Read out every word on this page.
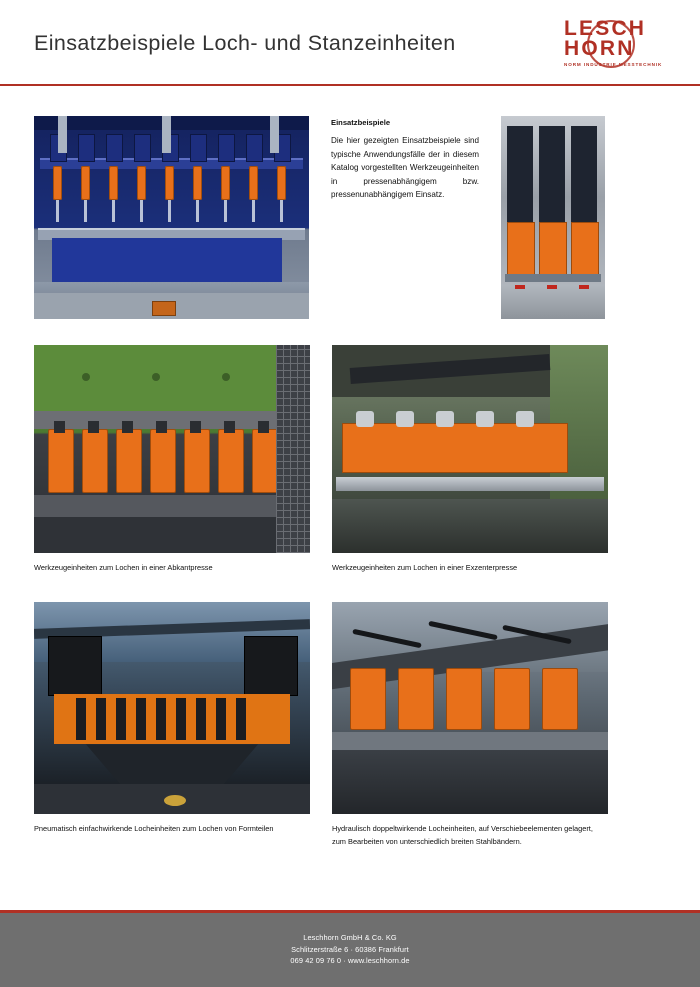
Einsatzbeispiele Loch- und Stanzeinheiten
LESCH
HORN
NORM INDUSTRIE MESSTECHNIK
Einsatzbeispiele
Die hier gezeigten Einsatzbeispiele sind typische Anwendungsfälle der in diesem Katalog vorgestellten Werkzeugeinheiten in pressenabhängigem bzw. pressenunabhängigem Einsatz.
Werkzeugeinheiten zum Lochen in einer Abkantpresse	Werkzeugeinheiten zum Lochen in einer Exzenterpresse
Pneumatisch einfachwirkende Locheinheiten zum Lochen von Formteilen	Hydraulisch doppeltwirkende Locheinheiten, auf Verschiebeelementen gelagert, zum Bearbeiten von unterschiedlich breiten Stahlbändern.
Leschhorn GmbH & Co. KG
Schlitzerstraße 6 · 60386 Frankfurt
069 42 09 76 0 · www.leschhorn.de
